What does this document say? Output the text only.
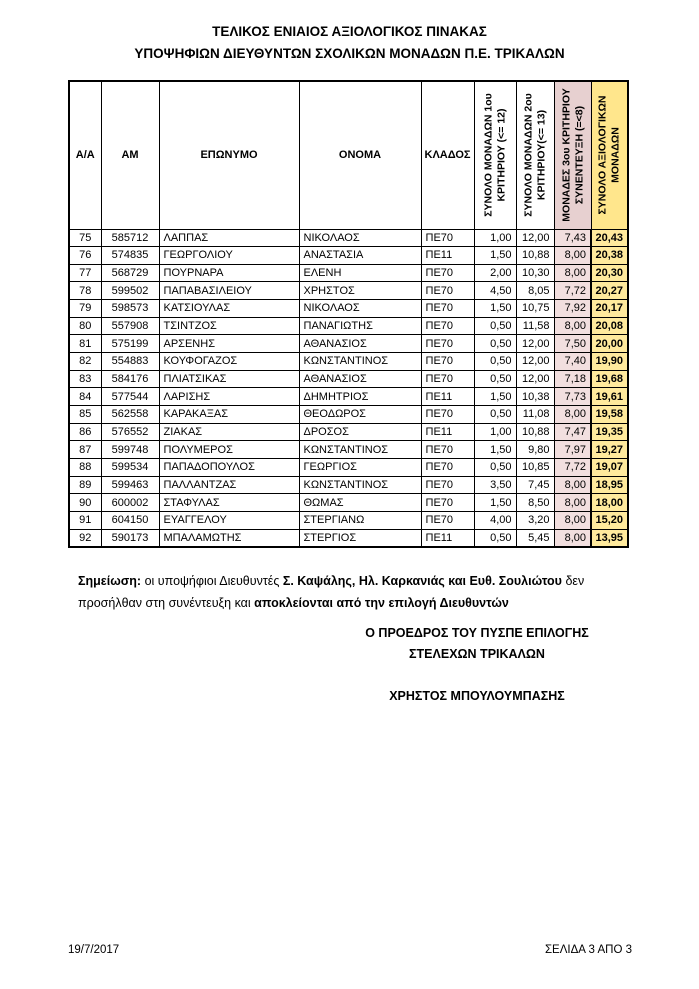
ΤΕΛΙΚΟΣ ΕΝΙΑΙΟΣ ΑΞΙΟΛΟΓΙΚΟΣ ΠΙΝΑΚΑΣ
ΥΠΟΨΗΦΙΩΝ ΔΙΕΥΘΥΝΤΩΝ ΣΧΟΛΙΚΩΝ ΜΟΝΑΔΩΝ Π.Ε. ΤΡΙΚΑΛΩΝ
Α/Α	ΑΜ	ΕΠΩΝΥΜΟ	ΟΝΟΜΑ	ΚΛΑΔΟΣ	ΣΥΝΟΛΟ ΜΟΝΑΔΩΝ 1ου ΚΡΙΤΗΡΙΟΥ (<= 12)	ΣΥΝΟΛΟ ΜΟΝΑΔΩΝ 2ου ΚΡΙΤΗΡΙΟΥ(<= 13)	ΜΟΝΑΔΕΣ 3ου ΚΡΙΤΗΡΙΟΥ ΣΥΝΕΝΤΕΥΞΗ (=<8)	ΣΥΝΟΛΟ ΑΞΙΟΛΟΓΙΚΩΝ ΜΟΝΑΔΩΝ

75	585712	ΛΑΠΠΑΣ	ΝΙΚΟΛΑΟΣ	ΠΕ70	1,00	12,00	7,43	20,43
76	574835	ΓΕΩΡΓΟΛΙΟΥ	ΑΝΑΣΤΑΣΙΑ	ΠΕ11	1,50	10,88	8,00	20,38
77	568729	ΠΟΥΡΝΑΡΑ	ΕΛΕΝΗ	ΠΕ70	2,00	10,30	8,00	20,30
78	599502	ΠΑΠΑΒΑΣΙΛΕΙΟΥ	ΧΡΗΣΤΟΣ	ΠΕ70	4,50	8,05	7,72	20,27
79	598573	ΚΑΤΣΙΟΥΛΑΣ	ΝΙΚΟΛΑΟΣ	ΠΕ70	1,50	10,75	7,92	20,17
80	557908	ΤΣΙΝΤΖΟΣ	ΠΑΝΑΓΙΩΤΗΣ	ΠΕ70	0,50	11,58	8,00	20,08
81	575199	ΑΡΣΕΝΗΣ	ΑΘΑΝΑΣΙΟΣ	ΠΕ70	0,50	12,00	7,50	20,00
82	554883	ΚΟΥΦΟΓΑΖΟΣ	ΚΩΝΣΤΑΝΤΙΝΟΣ	ΠΕ70	0,50	12,00	7,40	19,90
83	584176	ΠΛΙΑΤΣΙΚΑΣ	ΑΘΑΝΑΣΙΟΣ	ΠΕ70	0,50	12,00	7,18	19,68
84	577544	ΛΑΡΙΣΗΣ	ΔΗΜΗΤΡΙΟΣ	ΠΕ11	1,50	10,38	7,73	19,61
85	562558	ΚΑΡΑΚΑΞΑΣ	ΘΕΟΔΩΡΟΣ	ΠΕ70	0,50	11,08	8,00	19,58
86	576552	ΖΙΑΚΑΣ	ΔΡΟΣΟΣ	ΠΕ11	1,00	10,88	7,47	19,35
87	599748	ΠΟΛΥΜΕΡΟΣ	ΚΩΝΣΤΑΝΤΙΝΟΣ	ΠΕ70	1,50	9,80	7,97	19,27
88	599534	ΠΑΠΑΔΟΠΟΥΛΟΣ	ΓΕΩΡΓΙΟΣ	ΠΕ70	0,50	10,85	7,72	19,07
89	599463	ΠΑΛΛΑΝΤΖΑΣ	ΚΩΝΣΤΑΝΤΙΝΟΣ	ΠΕ70	3,50	7,45	8,00	18,95
90	600002	ΣΤΑΦΥΛΑΣ	ΘΩΜΑΣ	ΠΕ70	1,50	8,50	8,00	18,00
91	604150	ΕΥΑΓΓΕΛΟΥ	ΣΤΕΡΓΙΑΝΩ	ΠΕ70	4,00	3,20	8,00	15,20
92	590173	ΜΠΑΛΑΜΩΤΗΣ	ΣΤΕΡΓΙΟΣ	ΠΕ11	0,50	5,45	8,00	13,95
Σημείωση: οι υποψήφιοι Διευθυντές Σ. Καψάλης, Ηλ. Καρκανιάς και Ευθ. Σουλιώτου δεν
προσήλθαν στη συνέντευξη και αποκλείονται από την επιλογή Διευθυντών
Ο ΠΡΟΕΔΡΟΣ ΤΟΥ ΠΥΣΠΕ ΕΠΙΛΟΓΗΣ
ΣΤΕΛΕΧΩΝ ΤΡΙΚΑΛΩΝ
ΧΡΗΣΤΟΣ ΜΠΟΥΛΟΥΜΠΑΣΗΣ
19/7/2017	ΣΕΛΙΔΑ 3 ΑΠΟ 3
